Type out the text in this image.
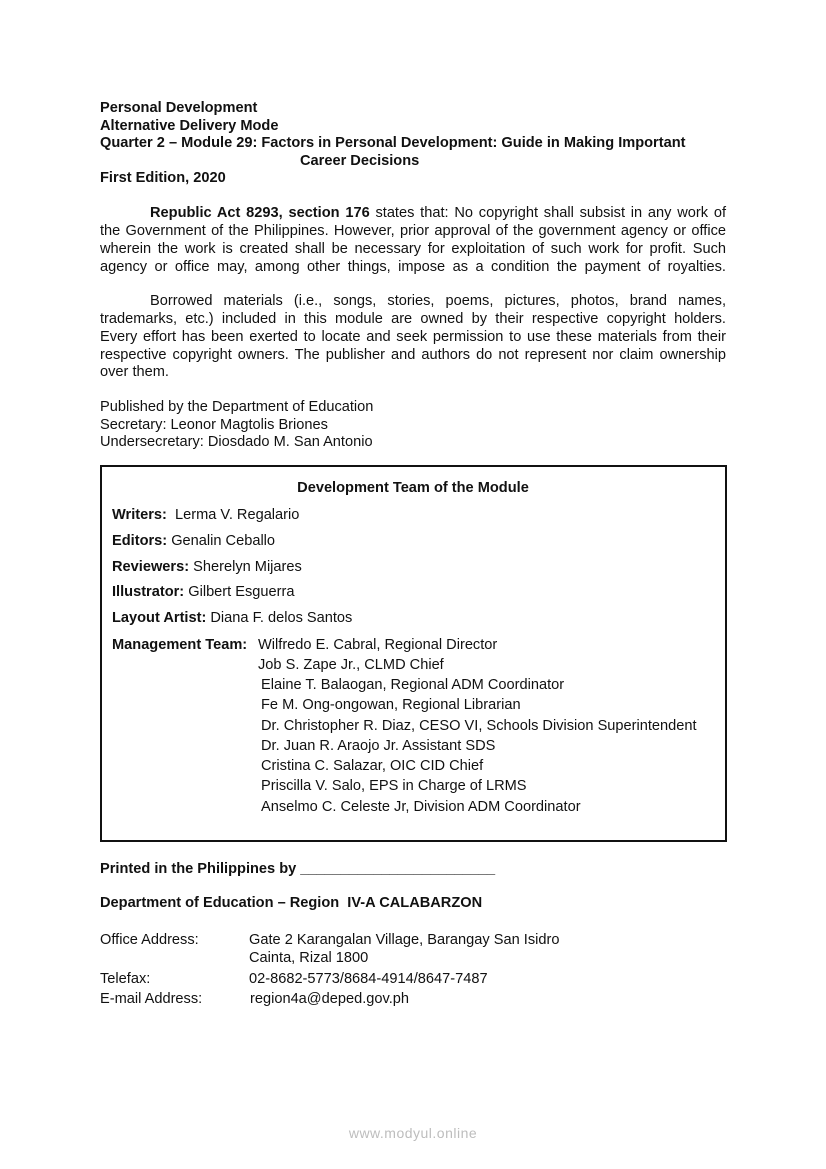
Personal Development
Alternative Delivery Mode
Quarter 2 – Module 29: Factors in Personal Development: Guide in Making Important
Career Decisions
First Edition, 2020
Republic Act 8293, section 176 states that: No copyright shall subsist in any work of
the Government of the Philippines. However, prior approval of the government agency or office
wherein the work is created shall be necessary for exploitation of such work for profit. Such
agency or office may, among other things, impose as a condition the payment of royalties.
Borrowed materials (i.e., songs, stories, poems, pictures, photos, brand names,
trademarks, etc.) included in this module are owned by their respective copyright holders.
Every effort has been exerted to locate and seek permission to use these materials from their
respective copyright owners. The publisher and authors do not represent nor claim ownership
over them.
Published by the Department of Education
Secretary: Leonor Magtolis Briones
Undersecretary: Diosdado M. San Antonio
Development Team of the Module
Writers:  Lerma V. Regalario
Editors: Genalin Ceballo
Reviewers: Sherelyn Mijares
Illustrator: Gilbert Esguerra
Layout Artist: Diana F. delos Santos
Management Team: Wilfredo E. Cabral, Regional Director
Job S. Zape Jr., CLMD Chief
Elaine T. Balaogan, Regional ADM Coordinator
Fe M. Ong-ongowan, Regional Librarian
Dr. Christopher R. Diaz, CESO VI, Schools Division Superintendent
Dr. Juan R. Araojo Jr. Assistant SDS
Cristina C. Salazar, OIC CID Chief
Priscilla V. Salo, EPS in Charge of LRMS
Anselmo C. Celeste Jr, Division ADM Coordinator
Printed in the Philippines by ________________________
Department of Education – Region  IV-A CALABARZON
Office Address:	Gate 2 Karangalan Village, Barangay San Isidro
Cainta, Rizal 1800
Telefax:	02-8682-5773/8684-4914/8647-7487
E-mail Address:	region4a@deped.gov.ph
www.modyul.online
